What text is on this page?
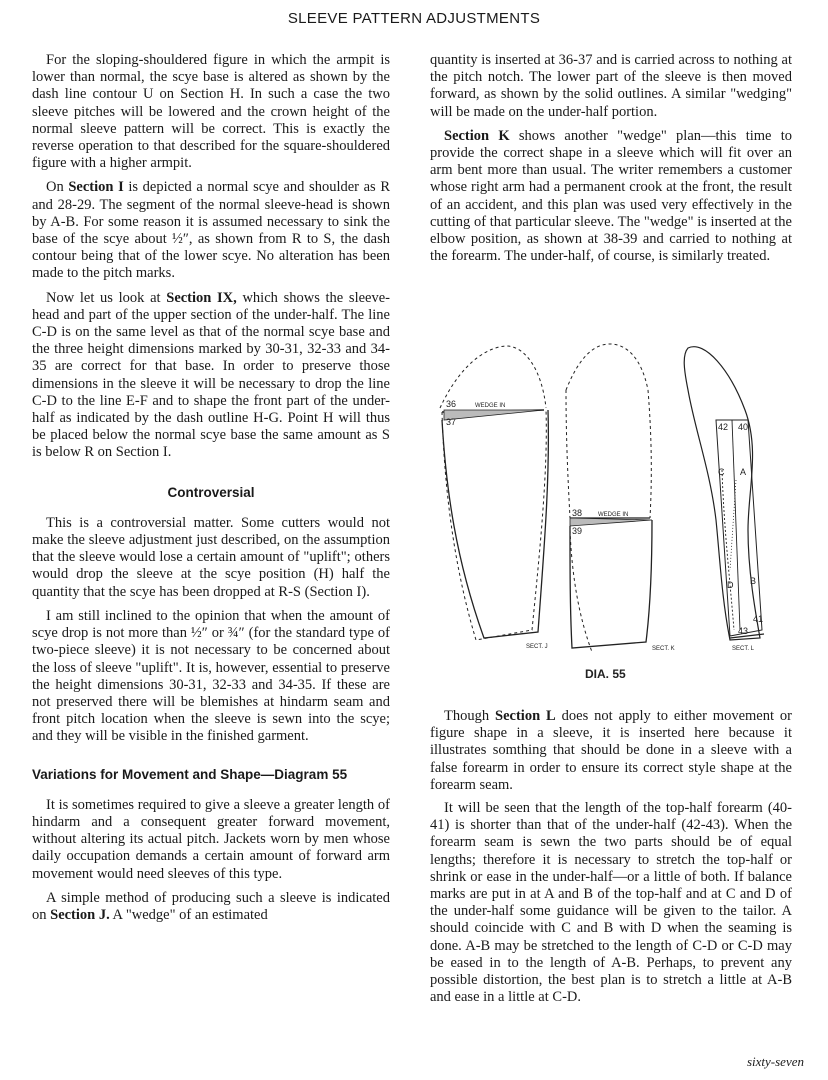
SLEEVE PATTERN ADJUSTMENTS

For the sloping-shouldered figure in which the armpit is lower than normal, the scye base is altered as shown by the dash line contour U on Section H. In such a case the two sleeve pitches will be lowered and the crown height of the normal sleeve pattern will be correct. This is exactly the reverse operation to that described for the square-shouldered figure with a higher armpit.

On Section I is depicted a normal scye and shoulder as R and 28-29. The segment of the normal sleeve-head is shown by A-B. For some reason it is assumed necessary to sink the base of the scye about ½″, as shown from R to S, the dash contour being that of the lower scye. No alteration has been made to the pitch marks.

Now let us look at Section IX, which shows the sleeve-head and part of the upper section of the under-half. The line C-D is on the same level as that of the normal scye base and the three height dimensions marked by 30-31, 32-33 and 34-35 are correct for that base. In order to preserve those dimensions in the sleeve it will be necessary to drop the line C-D to the line E-F and to shape the front part of the under-half as indicated by the dash outline H-G. Point H will thus be placed below the normal scye base the same amount as S is below R on Section I.

Controversial

This is a controversial matter. Some cutters would not make the sleeve adjustment just described, on the assumption that the sleeve would lose a certain amount of "uplift"; others would drop the sleeve at the scye position (H) half the quantity that the scye has been dropped at R-S (Section I).

I am still inclined to the opinion that when the amount of scye drop is not more than ½″ or ¾″ (for the standard type of two-piece sleeve) it is not necessary to be concerned about the loss of sleeve "uplift". It is, however, essential to preserve the height dimensions 30-31, 32-33 and 34-35. If these are not preserved there will be blemishes at hindarm seam and front pitch location when the sleeve is sewn into the scye; and they will be visible in the finished garment.

Variations for Movement and Shape—Diagram 55

It is sometimes required to give a sleeve a greater length of hindarm and a consequent greater forward movement, without altering its actual pitch. Jackets worn by men whose daily occupation demands a certain amount of forward arm movement would need sleeves of this type.

A simple method of producing such a sleeve is indicated on Section J. A "wedge" of an estimated

quantity is inserted at 36-37 and is carried across to nothing at the pitch notch. The lower part of the sleeve is then moved forward, as shown by the solid outlines. A similar "wedging" will be made on the under-half portion.

Section K shows another "wedge" plan—this time to provide the correct shape in a sleeve which will fit over an arm bent more than usual. The writer remembers a customer whose right arm had a permanent crook at the front, the result of an accident, and this plan was used very effectively in the cutting of that particular sleeve. The "wedge" is inserted at the elbow position, as shown at 38-39 and carried to nothing at the forearm. The under-half, of course, is similarly treated.

36
37
WEDGE IN
38
39
WEDGE IN
40
42
41
43
C A
D B
SECT. J	SECT. K	SECT. L
DIA. 55

Though Section L does not apply to either movement or figure shape in a sleeve, it is inserted here because it illustrates somthing that should be done in a sleeve with a false forearm in order to ensure its correct style shape at the forearm seam.

It will be seen that the length of the top-half forearm (40-41) is shorter than that of the under-half (42-43). When the forearm seam is sewn the two parts should be of equal lengths; therefore it is necessary to stretch the top-half or shrink or ease in the under-half—or a little of both. If balance marks are put in at A and B of the top-half and at C and D of the under-half some guidance will be given to the tailor. A should coincide with C and B with D when the seaming is done. A-B may be stretched to the length of C-D or C-D may be eased in to the length of A-B. Perhaps, to prevent any possible distortion, the best plan is to stretch a little at A-B and ease in a little at C-D.

sixty-seven
